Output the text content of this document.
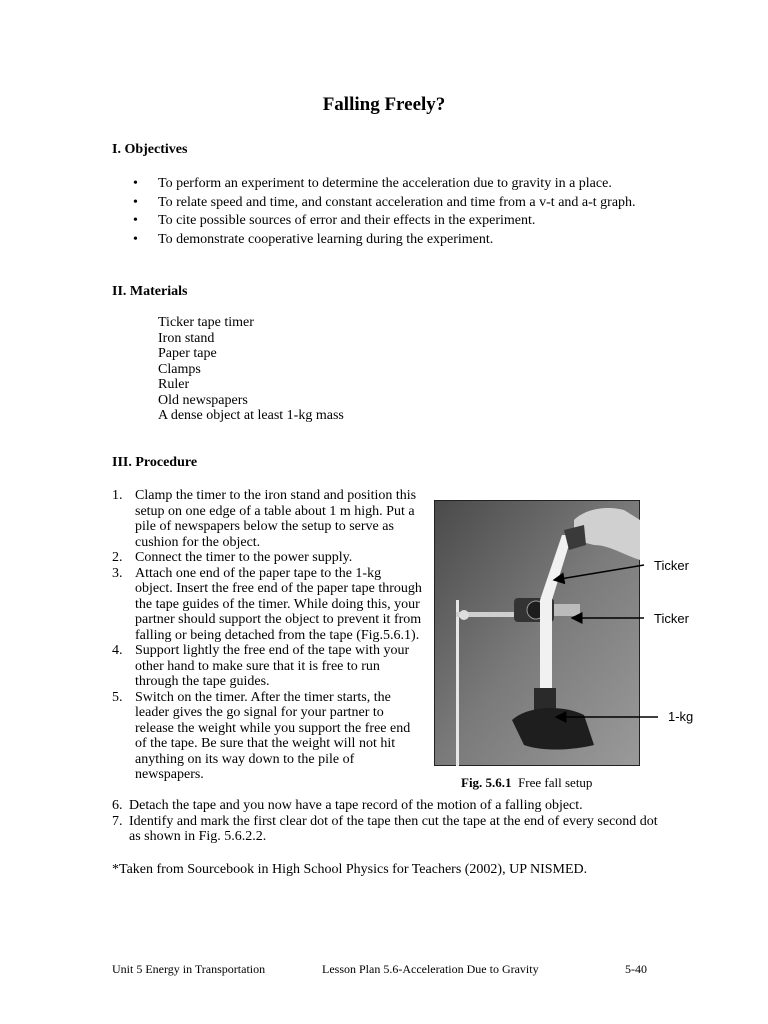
Falling Freely?
I. Objectives
• To perform an experiment to determine the acceleration due to gravity in a place.
• To relate speed and time, and constant acceleration and time from a v-t and a-t graph.
• To cite possible sources of error and their effects in the experiment.
• To demonstrate cooperative learning during the experiment.
II. Materials
Ticker tape timer
Iron stand
Paper tape
Clamps
Ruler
Old newspapers
A dense object at least 1-kg mass
III. Procedure
1. Clamp the timer to the iron stand and position this setup on one edge of a table about 1 m high. Put a pile of newspapers below the setup to serve as cushion for the object.
2. Connect the timer to the power supply.
3. Attach one end of the paper tape to the 1-kg object. Insert the free end of the paper tape through the tape guides of the timer. While doing this, your partner should support the object to prevent it from falling or being detached from the tape (Fig.5.6.1).
4. Support lightly the free end of the tape with your other hand to make sure that it is free to run through the tape guides.
5. Switch on the timer. After the timer starts, the leader gives the go signal for your partner to release the weight while you support the free end of the tape. Be sure that the weight will not hit anything on its way down to the pile of newspapers.
6. Detach the tape and you now have a tape record of the motion of a falling object.
7. Identify and mark the first clear dot of the tape then cut the tape at the end of every second dot as shown in Fig. 5.6.2.2.
Ticker
Ticker
1-kg
Fig. 5.6.1 Free fall setup
*Taken from Sourcebook in High School Physics for Teachers (2002), UP NISMED.
Unit 5 Energy in Transportation	Lesson Plan 5.6-Acceleration Due to Gravity	5-40
